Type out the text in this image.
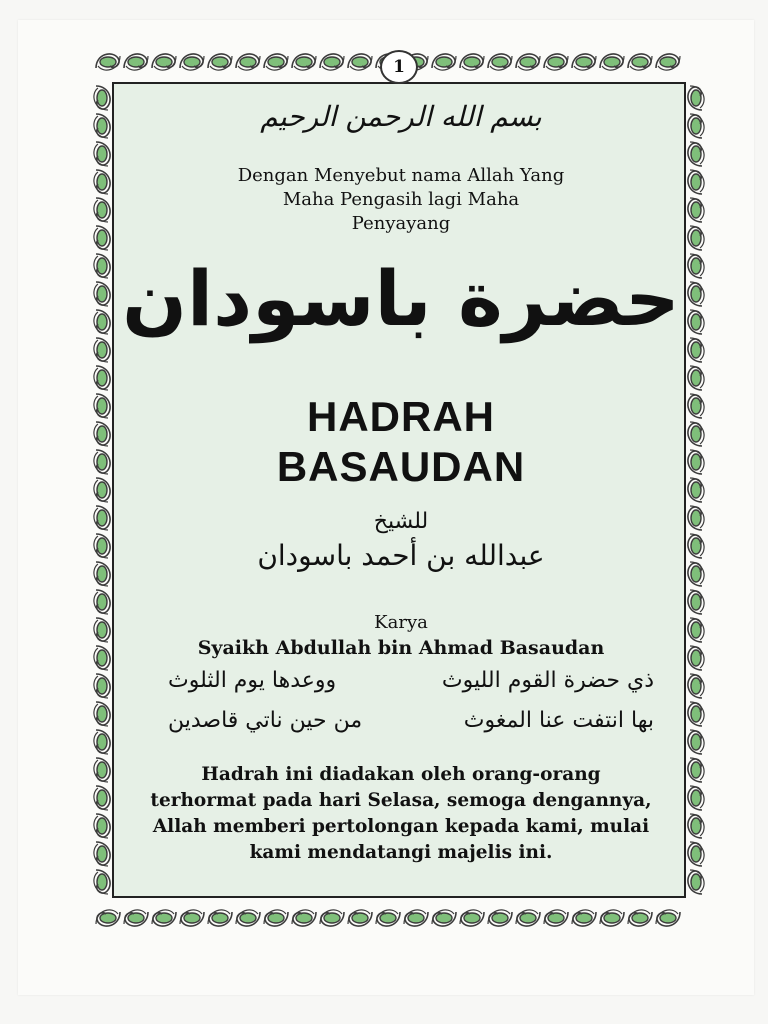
بسم الله الرحمن الرحيم
Dengan Menyebut nama Allah Yang Maha Pengasih lagi Maha Penyayang
حضرة باسودان
HADRAH BASAUDAN
للشيخ
عبدالله بن أحمد باسودان
Karya
Syaikh Abdullah bin Ahmad Basaudan
ذي حضرة القوم الليوث
ووعدها يوم الثلوث
بها انتفت عنا المغوث
من حين ناتي قاصدين
Hadrah ini diadakan oleh orang-orang terhormat pada hari Selasa, semoga dengannya, Allah memberi pertolongan kepada kami, mulai kami mendatangi majelis ini.
1
